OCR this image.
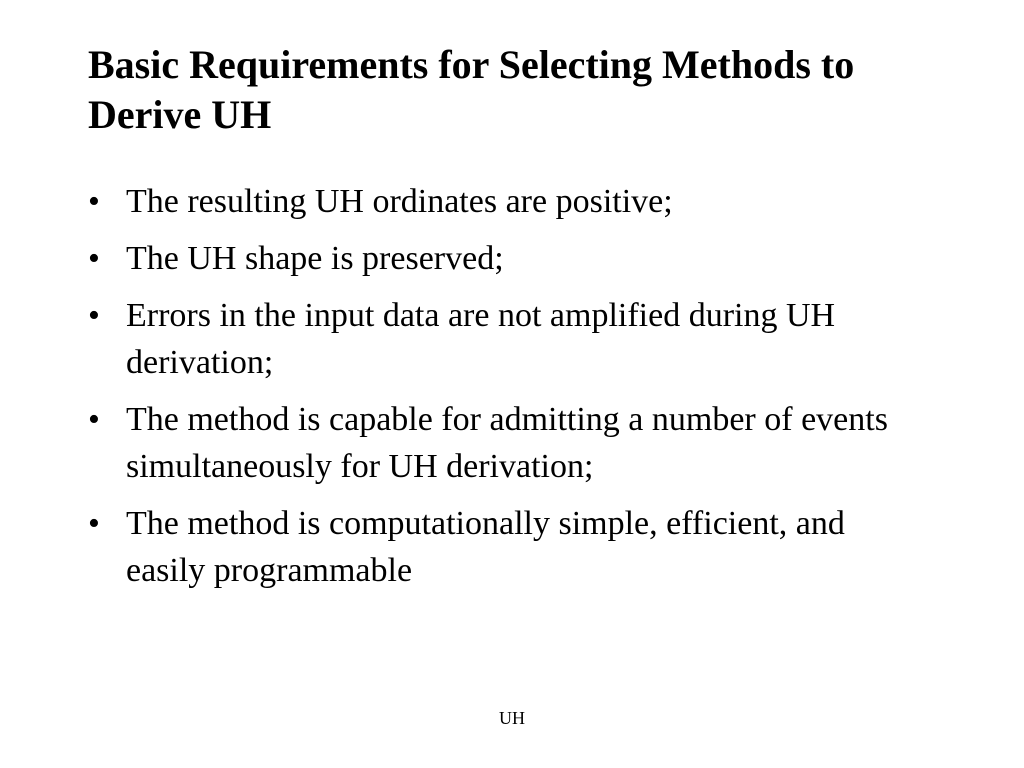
Basic Requirements for Selecting Methods to Derive UH
• The resulting UH ordinates are positive;
• The UH shape is preserved;
• Errors in the input data are not amplified during UH derivation;
• The method is capable for admitting a number of events simultaneously for UH derivation;
• The method is computationally simple, efficient, and easily programmable
UH
